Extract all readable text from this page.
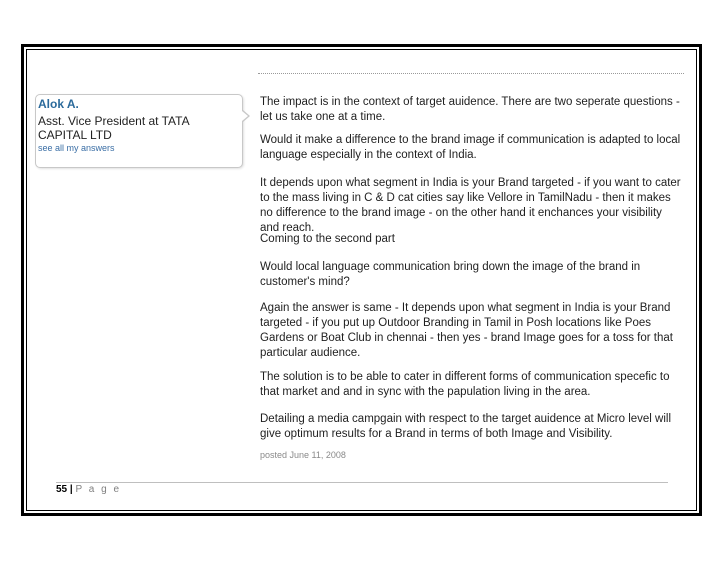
Alok A.
Asst. Vice President at TATA CAPITAL LTD
see all my answers

The impact is in the context of target auidence. There are two seperate questions - let us take one at a time.

Would it make a difference to the brand image if communication is adapted to local language especially in the context of India.

It depends upon what segment in India is your Brand targeted - if you want to cater to the mass living in C & D cat cities say like Vellore in TamilNadu - then it makes no difference to the brand image - on the other hand it enchances your visibility and reach.

Coming to the second part

Would local language communication bring down the image of the brand in customer's mind?

Again the answer is same - It depends upon what segment in India is your Brand targeted - if you put up Outdoor Branding in Tamil in Posh locations like Poes Gardens or Boat Club in chennai - then yes - brand Image goes for a toss for that particular audience.

The solution is to be able to cater in different forms of communication specefic to that market and and in sync with the papulation living in the area.

Detailing a media campgain with respect to the target auidence at Micro level will give optimum results for a Brand in terms of both Image and Visibility.

posted June 11, 2008
55 | P a g e
